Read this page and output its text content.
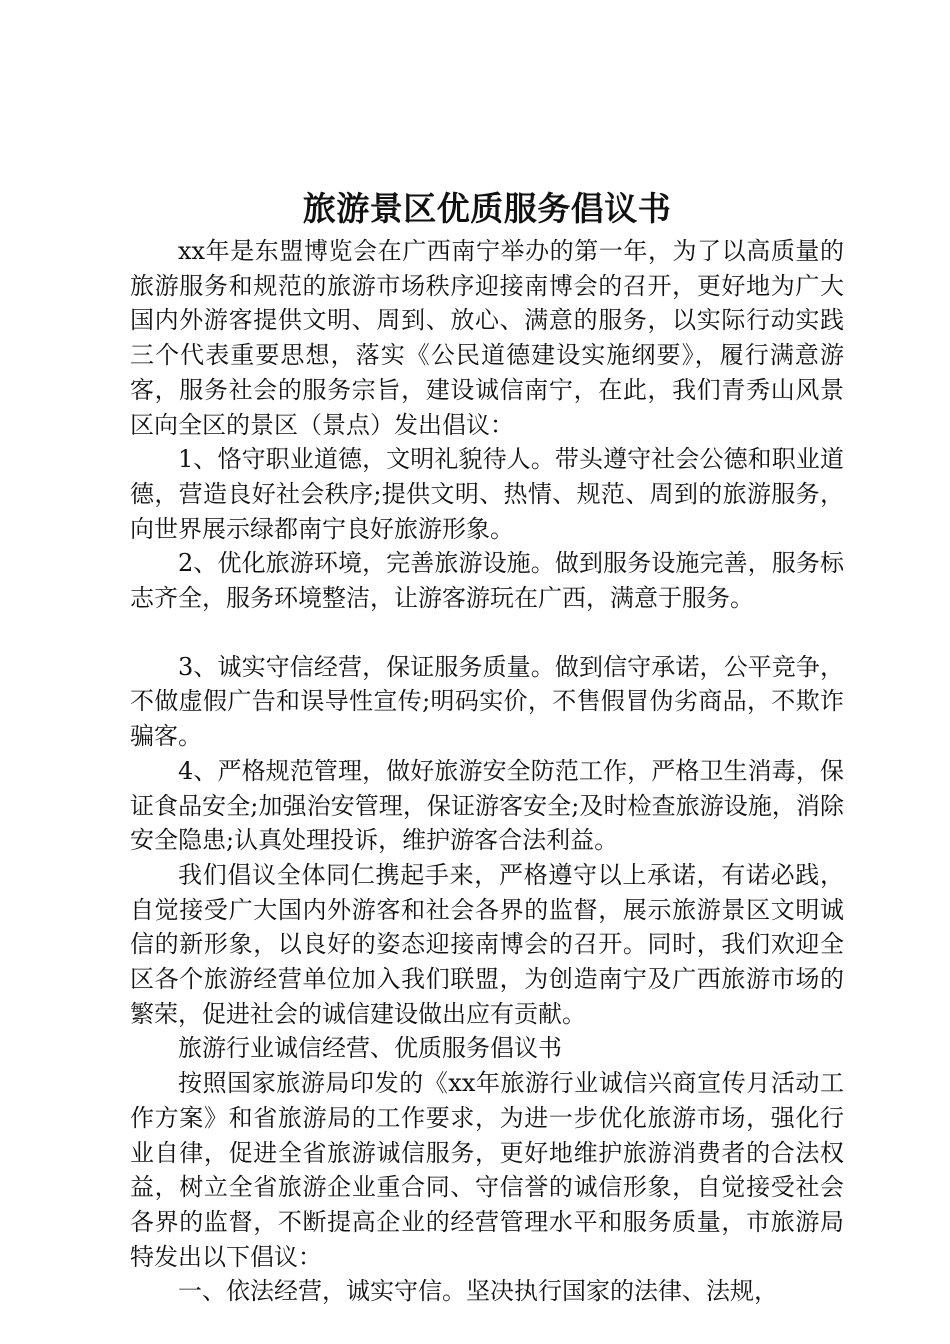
旅游景区优质服务倡议书

xx年是东盟博览会在广西南宁举办的第一年，为了以高质量的旅游服务和规范的旅游市场秩序迎接南博会的召开，更好地为广大国内外游客提供文明、周到、放心、满意的服务，以实际行动实践三个代表重要思想，落实《公民道德建设实施纲要》，履行满意游客，服务社会的服务宗旨，建设诚信南宁，在此，我们青秀山风景区向全区的景区（景点）发出倡议：

1、恪守职业道德，文明礼貌待人。带头遵守社会公德和职业道德，营造良好社会秩序;提供文明、热情、规范、周到的旅游服务，向世界展示绿都南宁良好旅游形象。

2、优化旅游环境，完善旅游设施。做到服务设施完善，服务标志齐全，服务环境整洁，让游客游玩在广西，满意于服务。

3、诚实守信经营，保证服务质量。做到信守承诺，公平竞争，不做虚假广告和误导性宣传;明码实价，不售假冒伪劣商品，不欺诈骗客。

4、严格规范管理，做好旅游安全防范工作，严格卫生消毒，保证食品安全;加强治安管理，保证游客安全;及时检查旅游设施，消除安全隐患;认真处理投诉，维护游客合法利益。

我们倡议全体同仁携起手来，严格遵守以上承诺，有诺必践，自觉接受广大国内外游客和社会各界的监督，展示旅游景区文明诚信的新形象，以良好的姿态迎接南博会的召开。同时，我们欢迎全区各个旅游经营单位加入我们联盟，为创造南宁及广西旅游市场的繁荣，促进社会的诚信建设做出应有贡献。

旅游行业诚信经营、优质服务倡议书

按照国家旅游局印发的《xx年旅游行业诚信兴商宣传月活动工作方案》和省旅游局的工作要求，为进一步优化旅游市场，强化行业自律，促进全省旅游诚信服务，更好地维护旅游消费者的合法权益，树立全省旅游企业重合同、守信誉的诚信形象，自觉接受社会各界的监督，不断提高企业的经营管理水平和服务质量，市旅游局特发出以下倡议：

一、依法经营，诚实守信。坚决执行国家的法律、法规，
